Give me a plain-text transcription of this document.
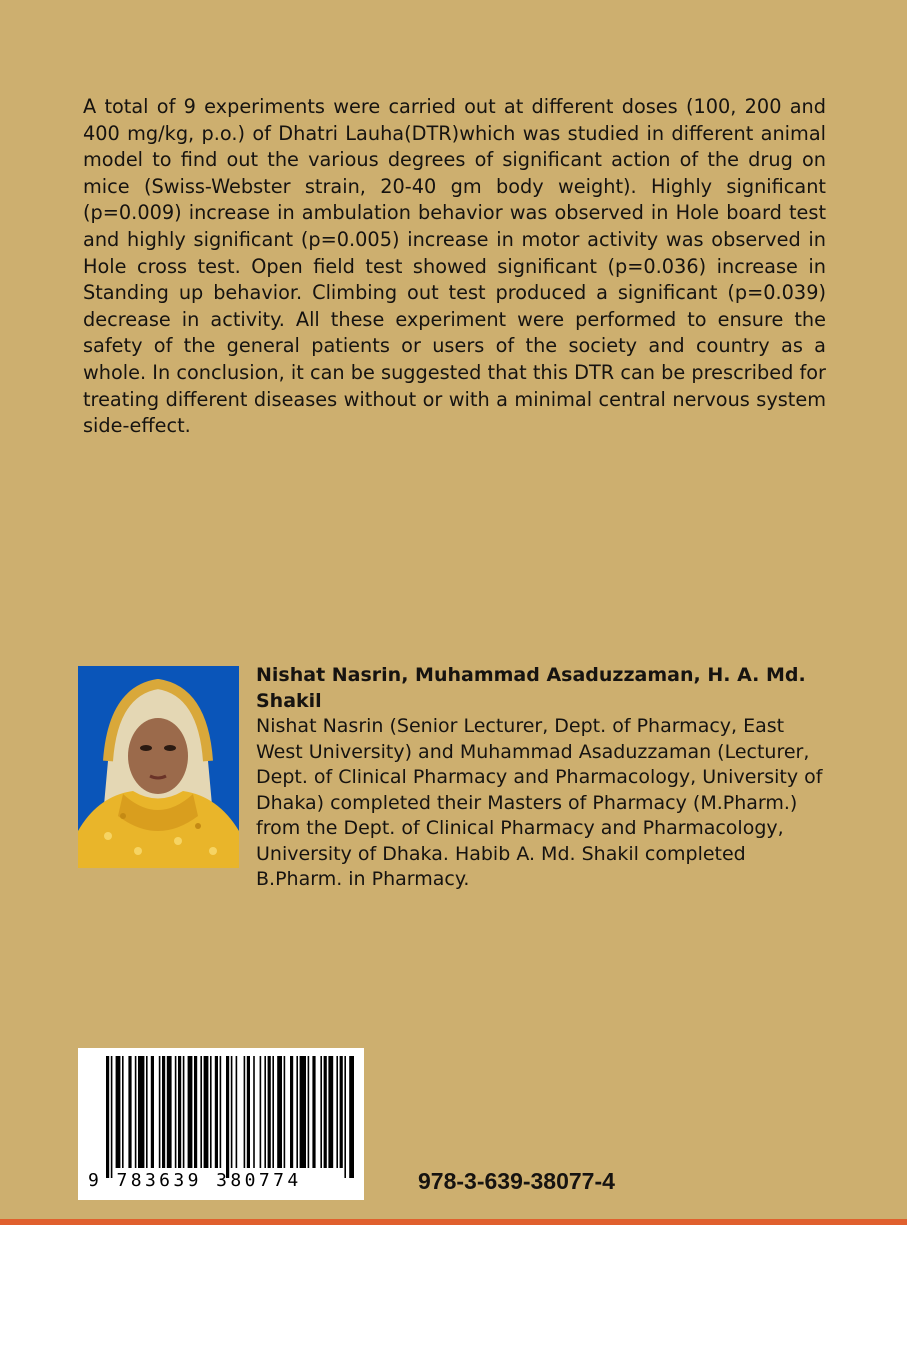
A total of 9 experiments were carried out at different doses (100, 200 and 400 mg/kg, p.o.) of Dhatri Lauha(DTR)which was studied in different animal model to find out the various degrees of significant action of the drug on mice (Swiss-Webster strain, 20-40 gm body weight). Highly significant (p=0.009) increase in ambulation behavior was observed in Hole board test and highly significant (p=0.005) increase in motor activity was observed in Hole cross test. Open field test showed significant (p=0.036) increase in Standing up behavior. Climbing out test produced a significant (p=0.039) decrease in activity. All these experiment were performed to ensure the safety of the general patients or users of the society and country as a whole. In conclusion, it can be suggested that this DTR can be prescribed for treating different diseases without or with a minimal central nervous system side-effect.

Nishat Nasrin, Muhammad Asaduzzaman, H. A. Md. Shakil

Nishat Nasrin (Senior Lecturer, Dept. of Pharmacy, East West University) and Muhammad Asaduzzaman (Lecturer, Dept. of Clinical Pharmacy and Pharmacology, University of Dhaka) completed their Masters of Pharmacy (M.Pharm.) from the Dept. of Clinical Pharmacy and Pharmacology, University of Dhaka. Habib A. Md. Shakil completed B.Pharm. in Pharmacy.

9 783639 380774	978-3-639-38077-4
